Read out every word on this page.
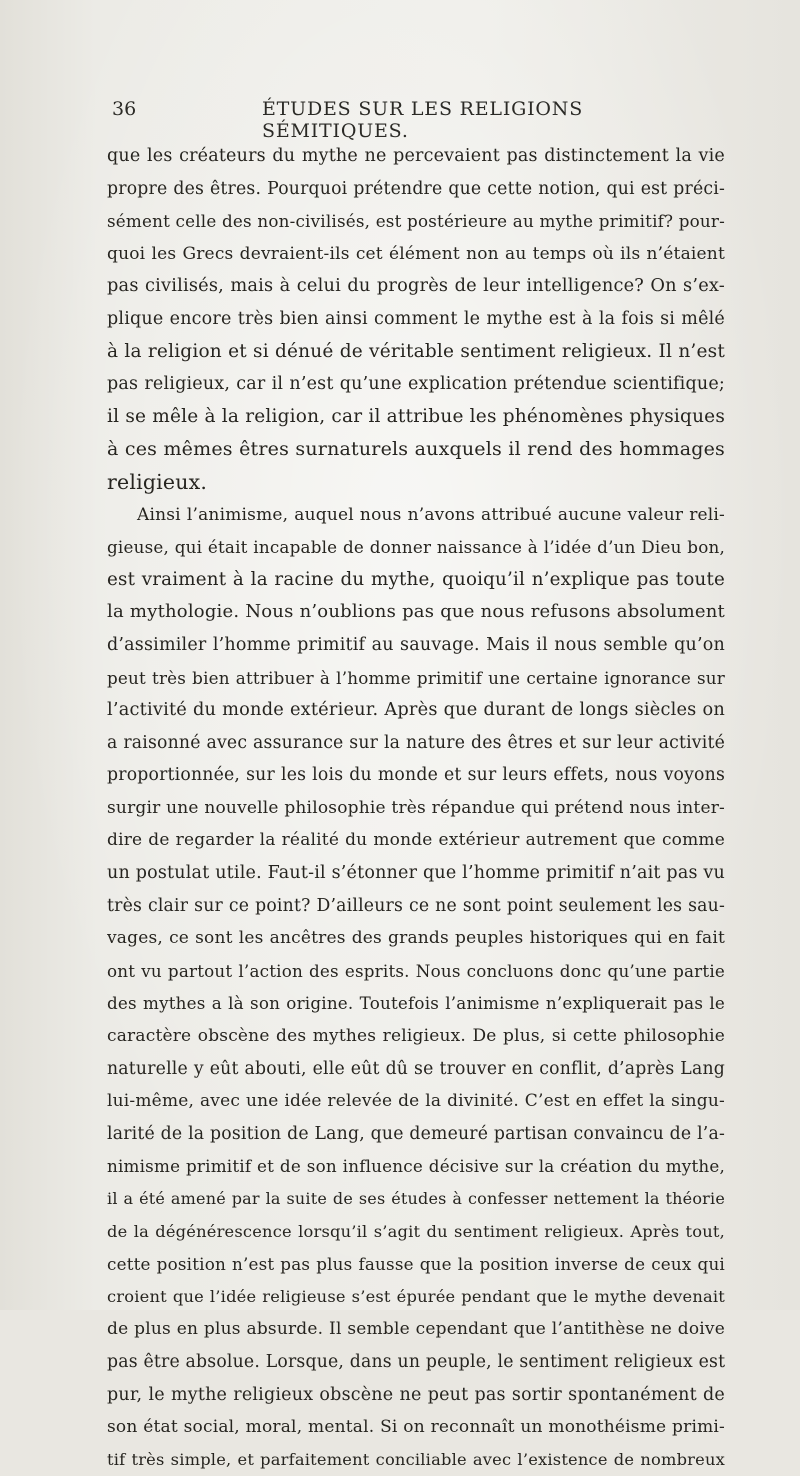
36	ÉTUDES SUR LES RELIGIONS SÉMITIQUES.
que les créateurs du mythe ne percevaient pas distinctement la vie
propre des êtres. Pourquoi prétendre que cette notion, qui est préci-
sément celle des non-civilisés, est postérieure au mythe primitif? pour-
quoi les Grecs devraient-ils cet élément non au temps où ils n’étaient
pas civilisés, mais à celui du progrès de leur intelligence? On s’ex-
plique encore très bien ainsi comment le mythe est à la fois si mêlé
à la religion et si dénué de véritable sentiment religieux. Il n’est
pas religieux, car il n’est qu’une explication prétendue scientifique;
il se mêle à la religion, car il attribue les phénomènes physiques
à ces mêmes êtres surnaturels auxquels il rend des hommages
religieux.
Ainsi l’animisme, auquel nous n’avons attribué aucune valeur reli-
gieuse, qui était incapable de donner naissance à l’idée d’un Dieu bon,
est vraiment à la racine du mythe, quoiqu’il n’explique pas toute
la mythologie. Nous n’oublions pas que nous refusons absolument
d’assimiler l’homme primitif au sauvage. Mais il nous semble qu’on
peut très bien attribuer à l’homme primitif une certaine ignorance sur
l’activité du monde extérieur. Après que durant de longs siècles on
a raisonné avec assurance sur la nature des êtres et sur leur activité
proportionnée, sur les lois du monde et sur leurs effets, nous voyons
surgir une nouvelle philosophie très répandue qui prétend nous inter-
dire de regarder la réalité du monde extérieur autrement que comme
un postulat utile. Faut-il s’étonner que l’homme primitif n’ait pas vu
très clair sur ce point? D’ailleurs ce ne sont point seulement les sau-
vages, ce sont les ancêtres des grands peuples historiques qui en fait
ont vu partout l’action des esprits. Nous concluons donc qu’une partie
des mythes a là son origine. Toutefois l’animisme n’expliquerait pas le
caractère obscène des mythes religieux. De plus, si cette philosophie
naturelle y eût abouti, elle eût dû se trouver en conflit, d’après Lang
lui-même, avec une idée relevée de la divinité. C’est en effet la singu-
larité de la position de Lang, que demeuré partisan convaincu de l’a-
nimisme primitif et de son influence décisive sur la création du mythe,
il a été amené par la suite de ses études à confesser nettement la théorie
de la dégénérescence lorsqu’il s’agit du sentiment religieux. Après tout,
cette position n’est pas plus fausse que la position inverse de ceux qui
croient que l’idée religieuse s’est épurée pendant que le mythe devenait
de plus en plus absurde. Il semble cependant que l’antithèse ne doive
pas être absolue. Lorsque, dans un peuple, le sentiment religieux est
pur, le mythe religieux obscène ne peut pas sortir spontanément de
son état social, moral, mental. Si on reconnaît un monothéisme primi-
tif très simple, et parfaitement conciliable avec l’existence de nombreux
